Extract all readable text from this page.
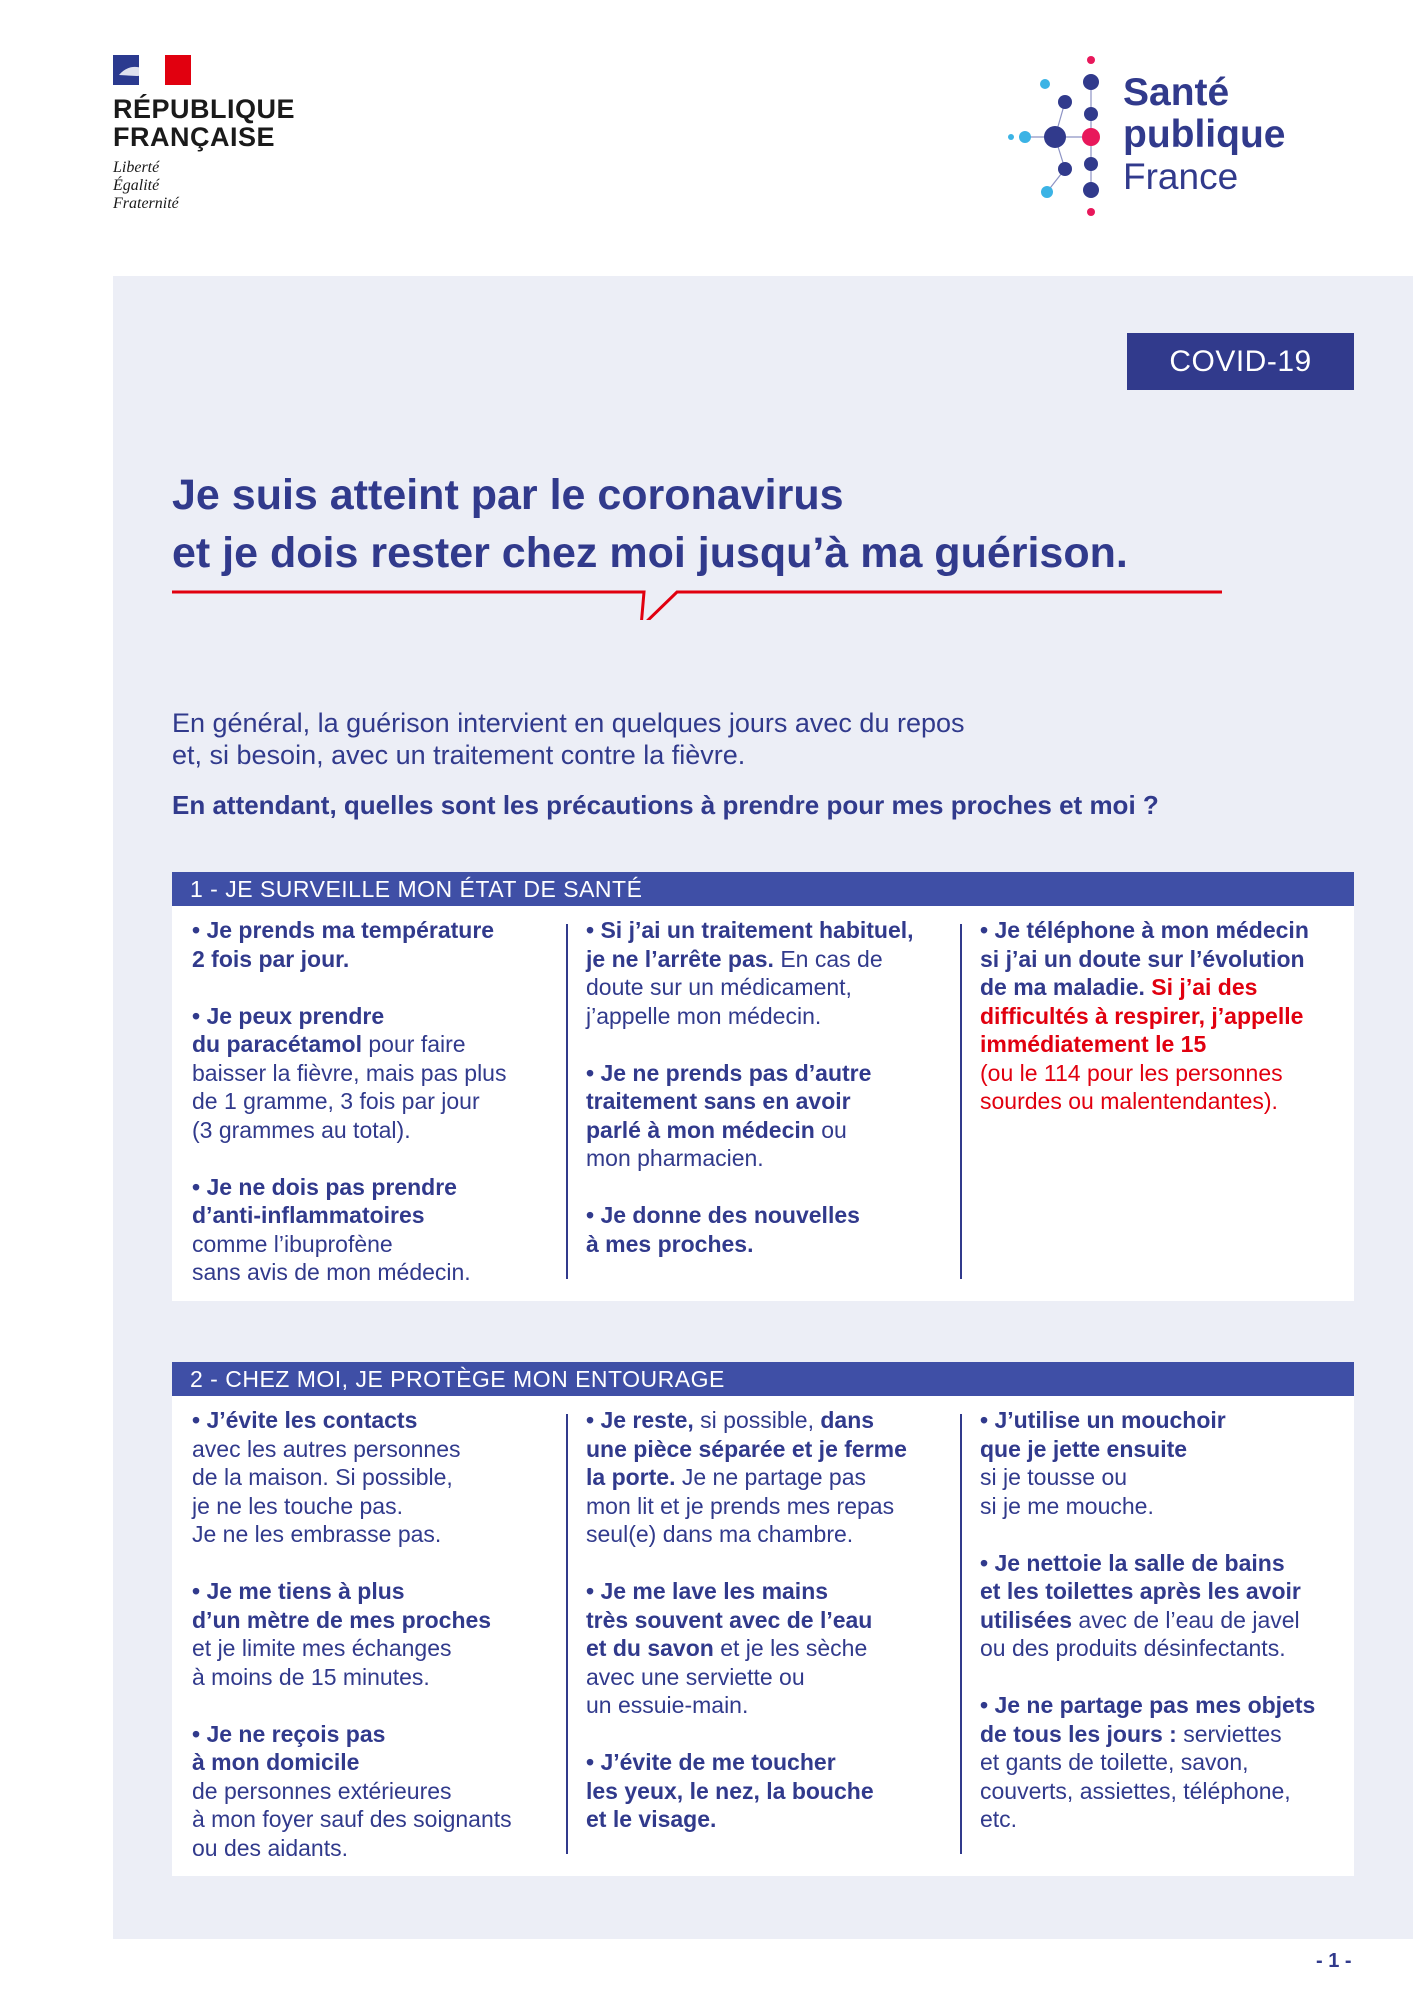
RÉPUBLIQUE
FRANÇAISE
Liberté
Égalité
Fraternité
Santé
publique
France
COVID-19
Je suis atteint par le coronavirus
et je dois rester chez moi jusqu’à ma guérison.
En général, la guérison intervient en quelques jours avec du repos
et, si besoin, avec un traitement contre la fièvre.
En attendant, quelles sont les précautions à prendre pour mes proches et moi ?
1 - JE SURVEILLE MON ÉTAT DE SANTÉ
• Je prends ma température
2 fois par jour.
• Je peux prendre
du paracétamol pour faire
baisser la fièvre, mais pas plus
de 1 gramme, 3 fois par jour
(3 grammes au total).
• Je ne dois pas prendre
d’anti-inflammatoires
comme l’ibuprofène
sans avis de mon médecin.
• Si j’ai un traitement habituel,
je ne l’arrête pas. En cas de
doute sur un médicament,
j’appelle mon médecin.
• Je ne prends pas d’autre
traitement sans en avoir
parlé à mon médecin ou
mon pharmacien.
• Je donne des nouvelles
à mes proches.
• Je téléphone à mon médecin
si j’ai un doute sur l’évolution
de ma maladie. Si j’ai des
difficultés à respirer, j’appelle
immédiatement le 15
(ou le 114 pour les personnes
sourdes ou malentendantes).
2 - CHEZ MOI, JE PROTÈGE MON ENTOURAGE
• J’évite les contacts
avec les autres personnes
de la maison. Si possible,
je ne les touche pas.
Je ne les embrasse pas.
• Je me tiens à plus
d’un mètre de mes proches
et je limite mes échanges
à moins de 15 minutes.
• Je ne reçois pas
à mon domicile
de personnes extérieures
à mon foyer sauf des soignants
ou des aidants.
• Je reste, si possible, dans
une pièce séparée et je ferme
la porte. Je ne partage pas
mon lit et je prends mes repas
seul(e) dans ma chambre.
• Je me lave les mains
très souvent avec de l’eau
et du savon et je les sèche
avec une serviette ou
un essuie-main.
• J’évite de me toucher
les yeux, le nez, la bouche
et le visage.
• J’utilise un mouchoir
que je jette ensuite
si je tousse ou
si je me mouche.
• Je nettoie la salle de bains
et les toilettes après les avoir
utilisées avec de l’eau de javel
ou des produits désinfectants.
• Je ne partage pas mes objets
de tous les jours : serviettes
et gants de toilette, savon,
couverts, assiettes, téléphone,
etc.
- 1 -
